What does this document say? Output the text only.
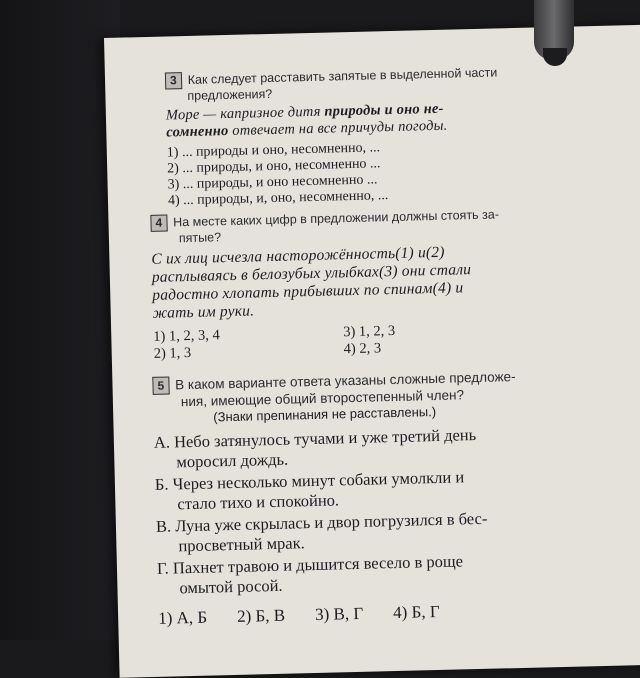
3 Как следует расставить запятые в выделенной части
предложения?
Море — капризное дитя природы и оно не-
сомненно отвечает на все причуды погоды.
1) ... природы и оно, несомненно, ...
2) ... природы, и оно, несомненно ...
3) ... природы, и оно несомненно ...
4) ... природы, и, оно, несомненно, ...
4 На месте каких цифр в предложении должны стоять за-
пятые?
С их лиц исчезла насторожённость(1) и(2)
расплываясь в белозубых улыбках(3) они стали
радостно хлопать прибывших по спинам(4) и
жать им руки.
1) 1, 2, 3, 4
2) 1, 3
3) 1, 2, 3
4) 2, 3
5 В каком варианте ответа указаны сложные предложе-
ния, имеющие общий второстепенный член?
(Знаки препинания не расставлены.)
А. Небо затянулось тучами и уже третий день
моросил дождь.
Б. Через несколько минут собаки умолкли и
стало тихо и спокойно.
В. Луна уже скрылась и двор погрузился в бес-
просветный мрак.
Г. Пахнет травою и дышится весело в роще
омытой росой.
1) А, Б 2) Б, В 3) В, Г 4) Б, Г
